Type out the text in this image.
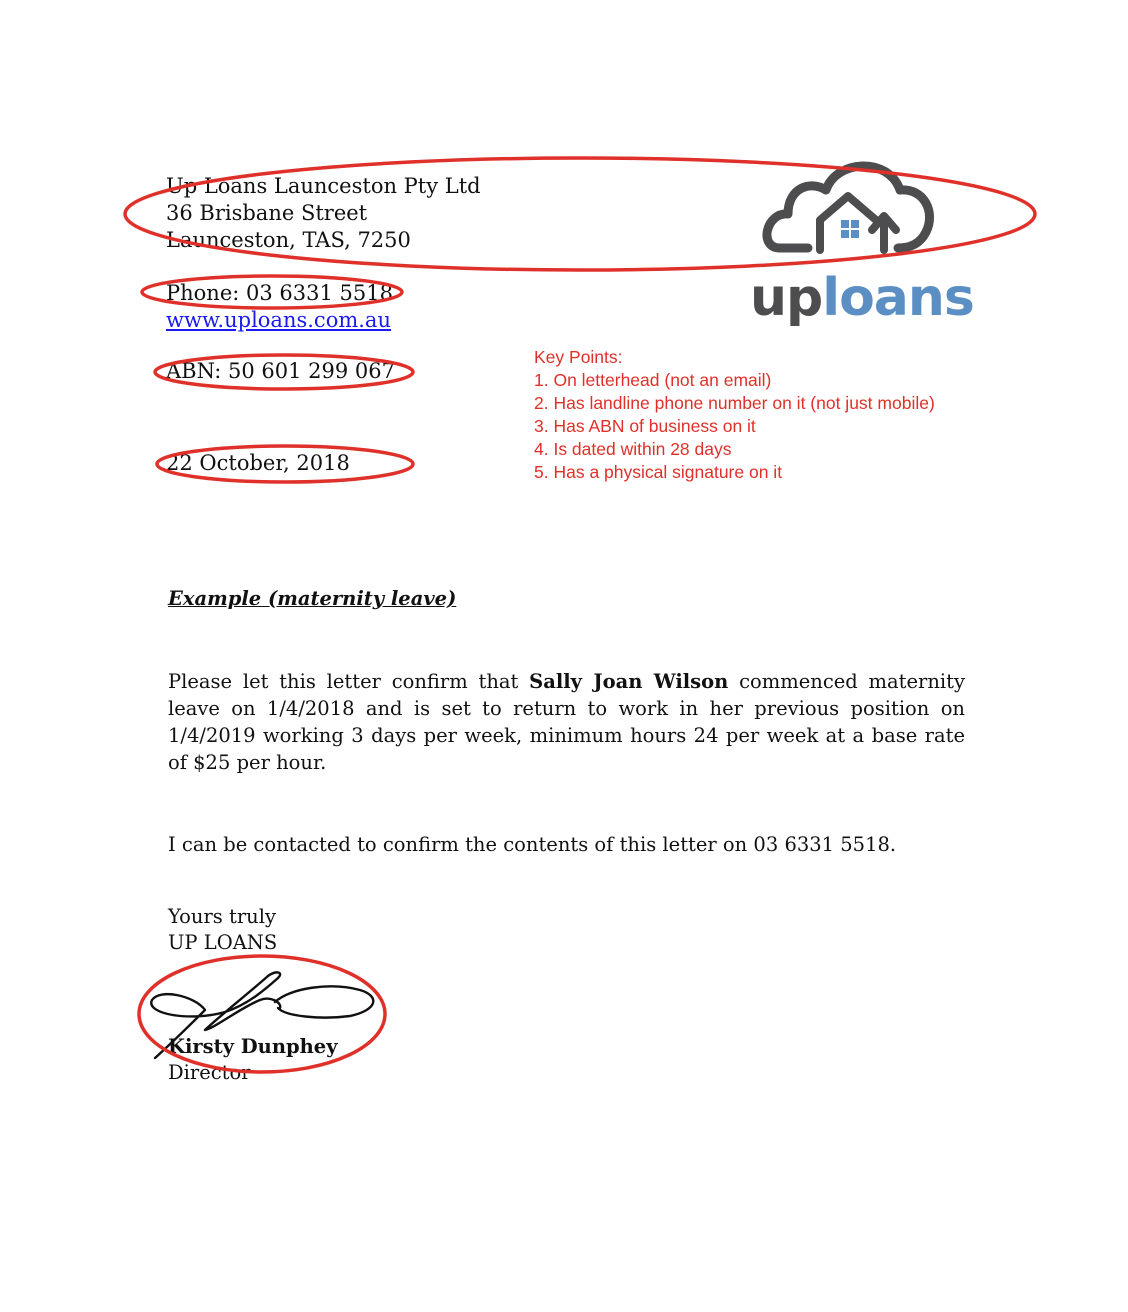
Up Loans Launceston Pty Ltd
36 Brisbane Street
Launceston, TAS, 7250
Phone: 03 6331 5518
www.uploans.com.au
ABN: 50 601 299 067
22 October, 2018
uploans
Key Points:
1. On letterhead (not an email)
2. Has landline phone number on it (not just mobile)
3. Has ABN of business on it
4. Is dated within 28 days
5. Has a physical signature on it
Example (maternity leave)
Please let this letter confirm that Sally Joan Wilson commenced maternity leave on 1/4/2018 and is set to return to work in her previous position on 1/4/2019 working 3 days per week, minimum hours 24 per week at a base rate of $25 per hour.
I can be contacted to confirm the contents of this letter on 03 6331 5518.
Yours truly
UP LOANS
Kirsty Dunphey
Director
